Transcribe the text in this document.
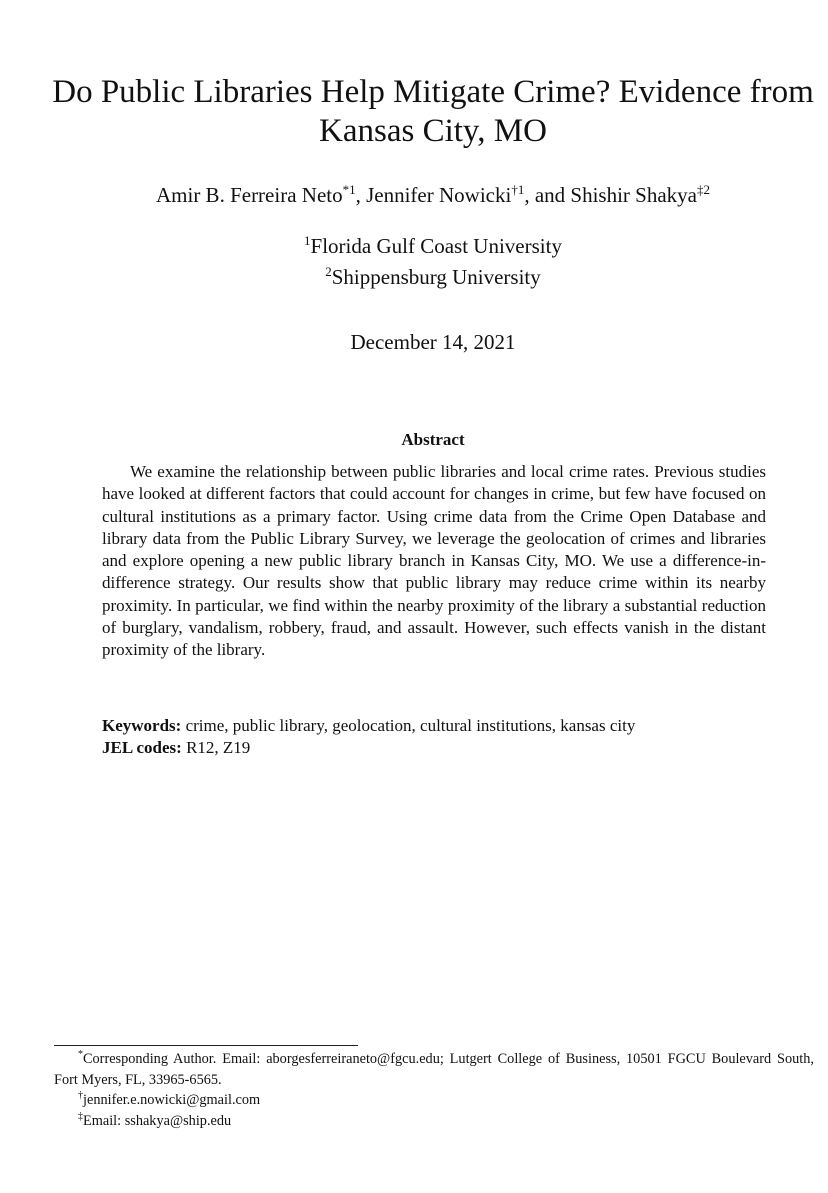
Do Public Libraries Help Mitigate Crime? Evidence from Kansas City, MO
Amir B. Ferreira Neto$^{*1}$, Jennifer Nowicki$^{\dagger 1}$, and Shishir Shakya$^{\ddagger 2}$
$^1$Florida Gulf Coast University
$^2$Shippensburg University
December 14, 2021
Abstract

We examine the relationship between public libraries and local crime rates. Previous studies have looked at different factors that could account for changes in crime, but few have focused on cultural institutions as a primary factor. Using crime data from the Crime Open Database and library data from the Public Library Survey, we leverage the geolocation of crimes and libraries and explore opening a new public library branch in Kansas City, MO. We use a difference-in-difference strategy. Our results show that public library may reduce crime within its nearby proximity. In particular, we find within the nearby proximity of the library a substantial reduction of burglary, vandalism, robbery, fraud, and assault. However, such effects vanish in the distant proximity of the library.

Keywords: crime, public library, geolocation, cultural institutions, kansas city
JEL codes: R12, Z19

*Corresponding Author. Email: aborgesferreiraneto@fgcu.edu; Lutgert College of Business, 10501 FGCU Boulevard South, Fort Myers, FL, 33965-6565.

†jennifer.e.nowicki@gmail.com

‡Email: sshakya@ship.edu
